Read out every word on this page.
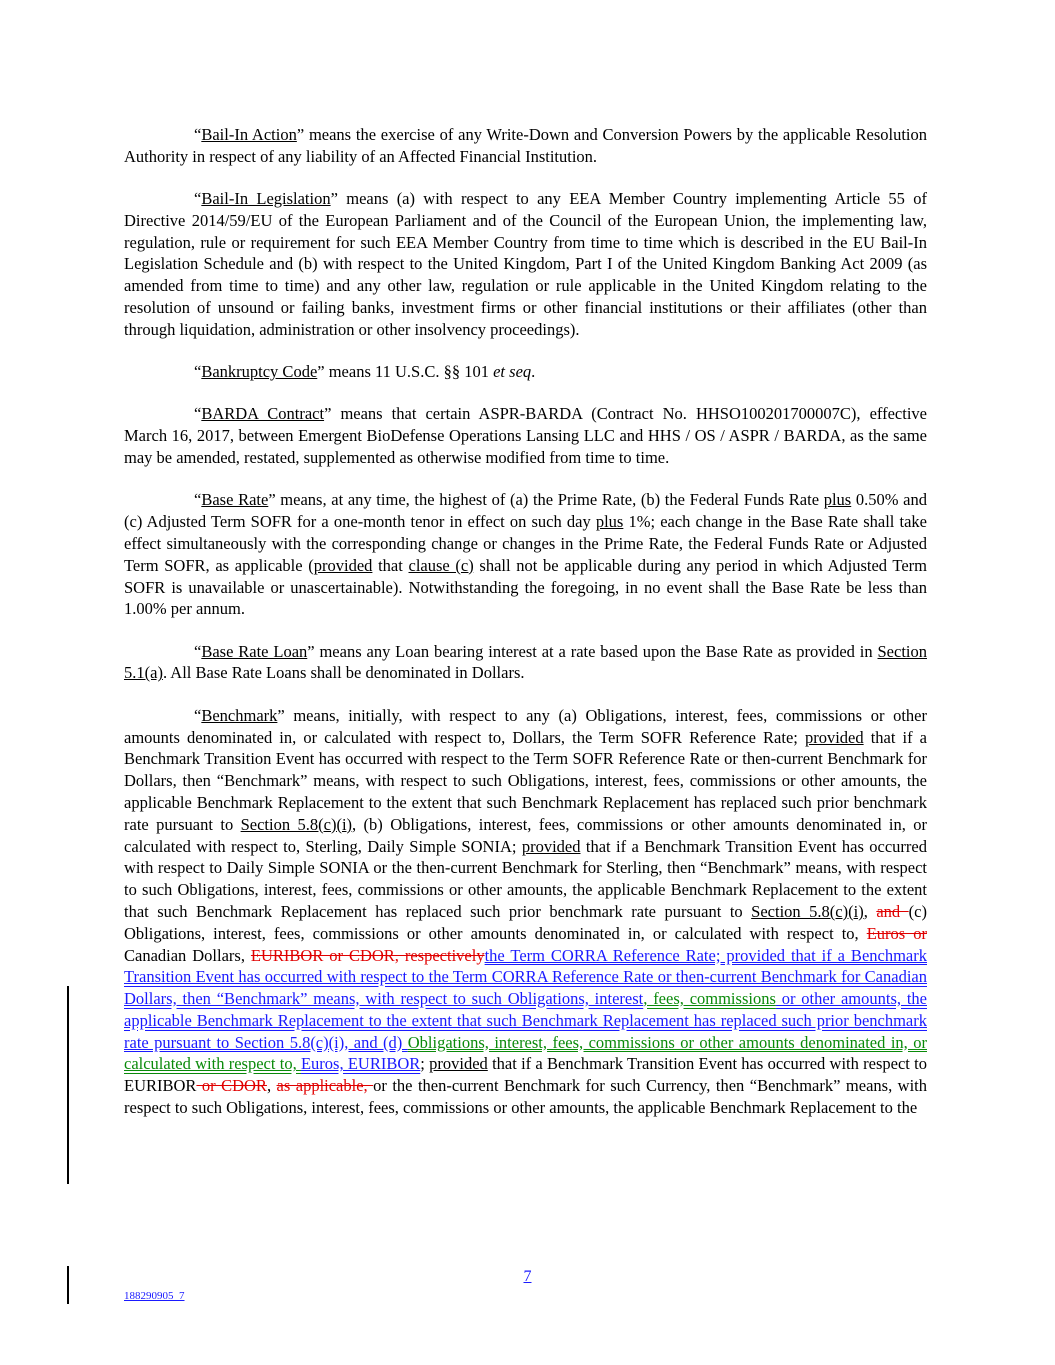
“Bail-In Action” means the exercise of any Write-Down and Conversion Powers by the applicable Resolution Authority in respect of any liability of an Affected Financial Institution.

“Bail-In Legislation” means (a) with respect to any EEA Member Country implementing Article 55 of Directive 2014/59/EU of the European Parliament and of the Council of the European Union, the implementing law, regulation, rule or requirement for such EEA Member Country from time to time which is described in the EU Bail-In Legislation Schedule and (b) with respect to the United Kingdom, Part I of the United Kingdom Banking Act 2009 (as amended from time to time) and any other law, regulation or rule applicable in the United Kingdom relating to the resolution of unsound or failing banks, investment firms or other financial institutions or their affiliates (other than through liquidation, administration or other insolvency proceedings).

“Bankruptcy Code” means 11 U.S.C. §§ 101 et seq.

“BARDA Contract” means that certain ASPR-BARDA (Contract No. HHSO100201700007C), effective March 16, 2017, between Emergent BioDefense Operations Lansing LLC and HHS / OS / ASPR / BARDA, as the same may be amended, restated, supplemented as otherwise modified from time to time.

“Base Rate” means, at any time, the highest of (a) the Prime Rate, (b) the Federal Funds Rate plus 0.50% and (c) Adjusted Term SOFR for a one-month tenor in effect on such day plus 1%; each change in the Base Rate shall take effect simultaneously with the corresponding change or changes in the Prime Rate, the Federal Funds Rate or Adjusted Term SOFR, as applicable (provided that clause (c) shall not be applicable during any period in which Adjusted Term SOFR is unavailable or unascertainable). Notwithstanding the foregoing, in no event shall the Base Rate be less than 1.00% per annum.

“Base Rate Loan” means any Loan bearing interest at a rate based upon the Base Rate as provided in Section 5.1(a). All Base Rate Loans shall be denominated in Dollars.

“Benchmark” means, initially, with respect to any (a) Obligations, interest, fees, commissions or other amounts denominated in, or calculated with respect to, Dollars, the Term SOFR Reference Rate; provided that if a Benchmark Transition Event has occurred with respect to the Term SOFR Reference Rate or then-current Benchmark for Dollars, then “Benchmark” means, with respect to such Obligations, interest, fees, commissions or other amounts, the applicable Benchmark Replacement to the extent that such Benchmark Replacement has replaced such prior benchmark rate pursuant to Section 5.8(c)(i), (b) Obligations, interest, fees, commissions or other amounts denominated in, or calculated with respect to, Sterling, Daily Simple SONIA; provided that if a Benchmark Transition Event has occurred with respect to Daily Simple SONIA or the then-current Benchmark for Sterling, then “Benchmark” means, with respect to such Obligations, interest, fees, commissions or other amounts, the applicable Benchmark Replacement to the extent that such Benchmark Replacement has replaced such prior benchmark rate pursuant to Section 5.8(c)(i), and (c) Obligations, interest, fees, commissions or other amounts denominated in, or calculated with respect to, Euros or Canadian Dollars, EURIBOR or CDOR, respectivelythe Term CORRA Reference Rate; provided that if a Benchmark Transition Event has occurred with respect to the Term CORRA Reference Rate or then-current Benchmark for Canadian Dollars, then “Benchmark” means, with respect to such Obligations, interest, fees, commissions or other amounts, the applicable Benchmark Replacement to the extent that such Benchmark Replacement has replaced such prior benchmark rate pursuant to Section 5.8(c)(i), and (d) Obligations, interest, fees, commissions or other amounts denominated in, or calculated with respect to, Euros, EURIBOR; provided that if a Benchmark Transition Event has occurred with respect to EURIBOR or CDOR, as applicable, or the then-current Benchmark for such Currency, then “Benchmark” means, with respect to such Obligations, interest, fees, commissions or other amounts, the applicable Benchmark Replacement to the

7
188290905_7
